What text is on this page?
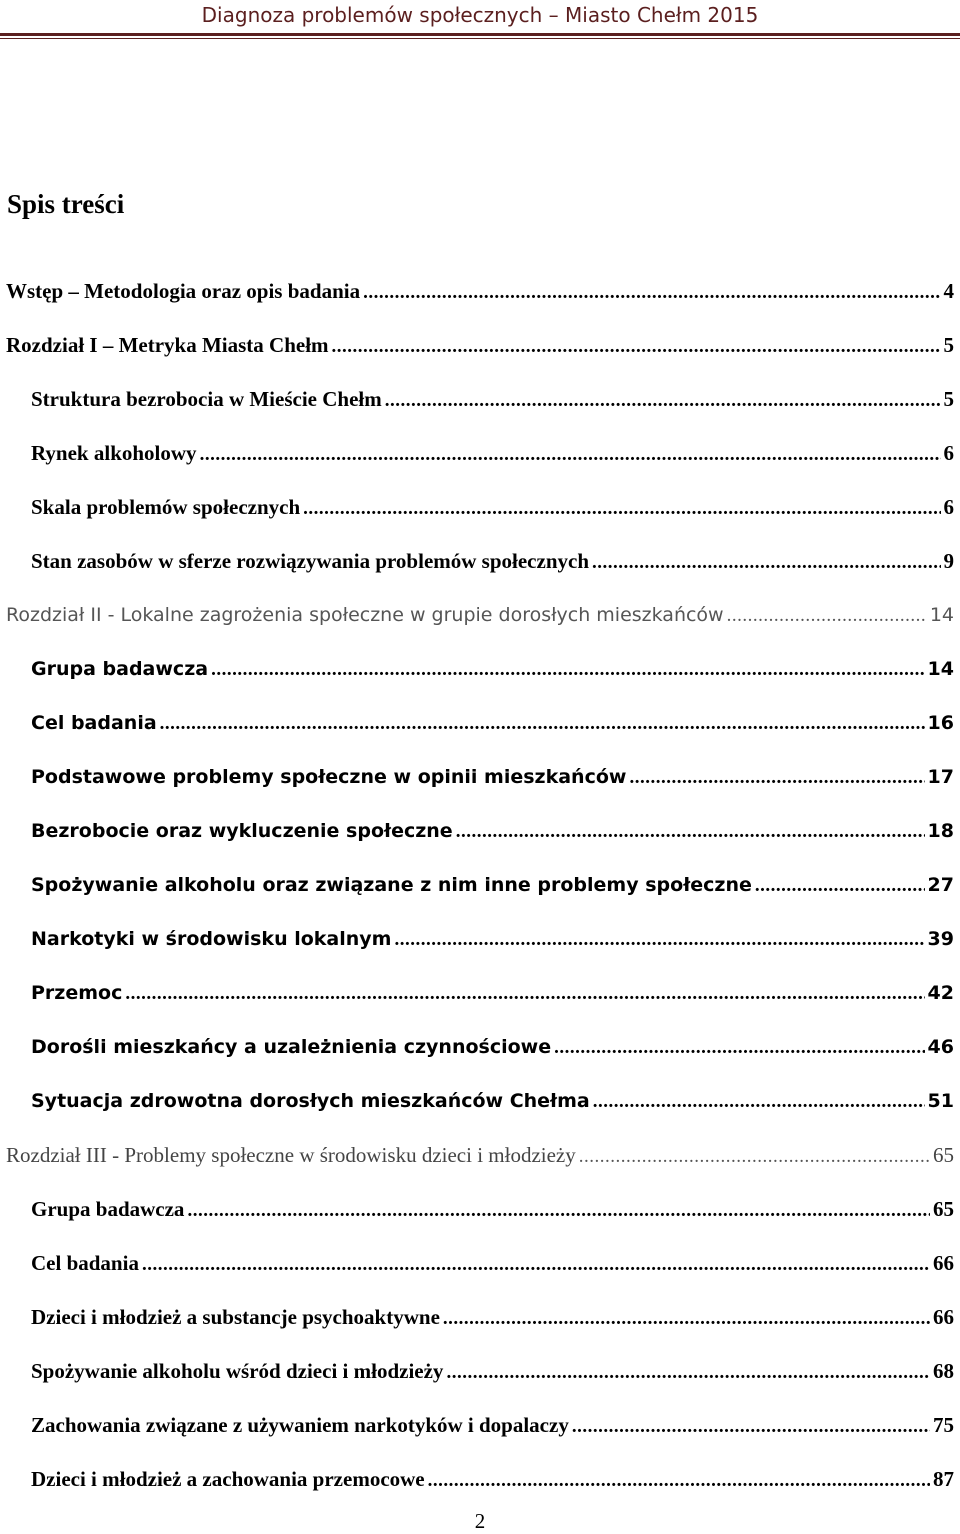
Diagnoza problemów społecznych – Miasto Chełm 2015
Spis treści
Wstęp – Metodologia oraz opis badania .....	4
Rozdział I – Metryka Miasta Chełm .....	5
Struktura bezrobocia w Mieście Chełm .....	5
Rynek alkoholowy .....	6
Skala problemów społecznych .....	6
Stan zasobów w sferze rozwiązywania problemów społecznych .....	9
Rozdział II - Lokalne zagrożenia społeczne w grupie dorosłych mieszkańców .....	14
Grupa badawcza .....	14
Cel badania .....	16
Podstawowe problemy społeczne w opinii mieszkańców .....	17
Bezrobocie oraz wykluczenie społeczne .....	18
Spożywanie alkoholu oraz związane z nim inne problemy społeczne .....	27
Narkotyki w środowisku lokalnym .....	39
Przemoc .....	42
Dorośli mieszkańcy a uzależnienia czynnościowe .....	46
Sytuacja zdrowotna dorosłych mieszkańców Chełma .....	51
Rozdział III - Problemy społeczne w środowisku dzieci i młodzieży .....	65
Grupa badawcza .....	65
Cel badania .....	66
Dzieci i młodzież a substancje psychoaktywne .....	66
Spożywanie alkoholu wśród dzieci i młodzieży .....	68
Zachowania związane z używaniem narkotyków i dopalaczy .....	75
Dzieci i młodzież a zachowania przemocowe .....	87
2
